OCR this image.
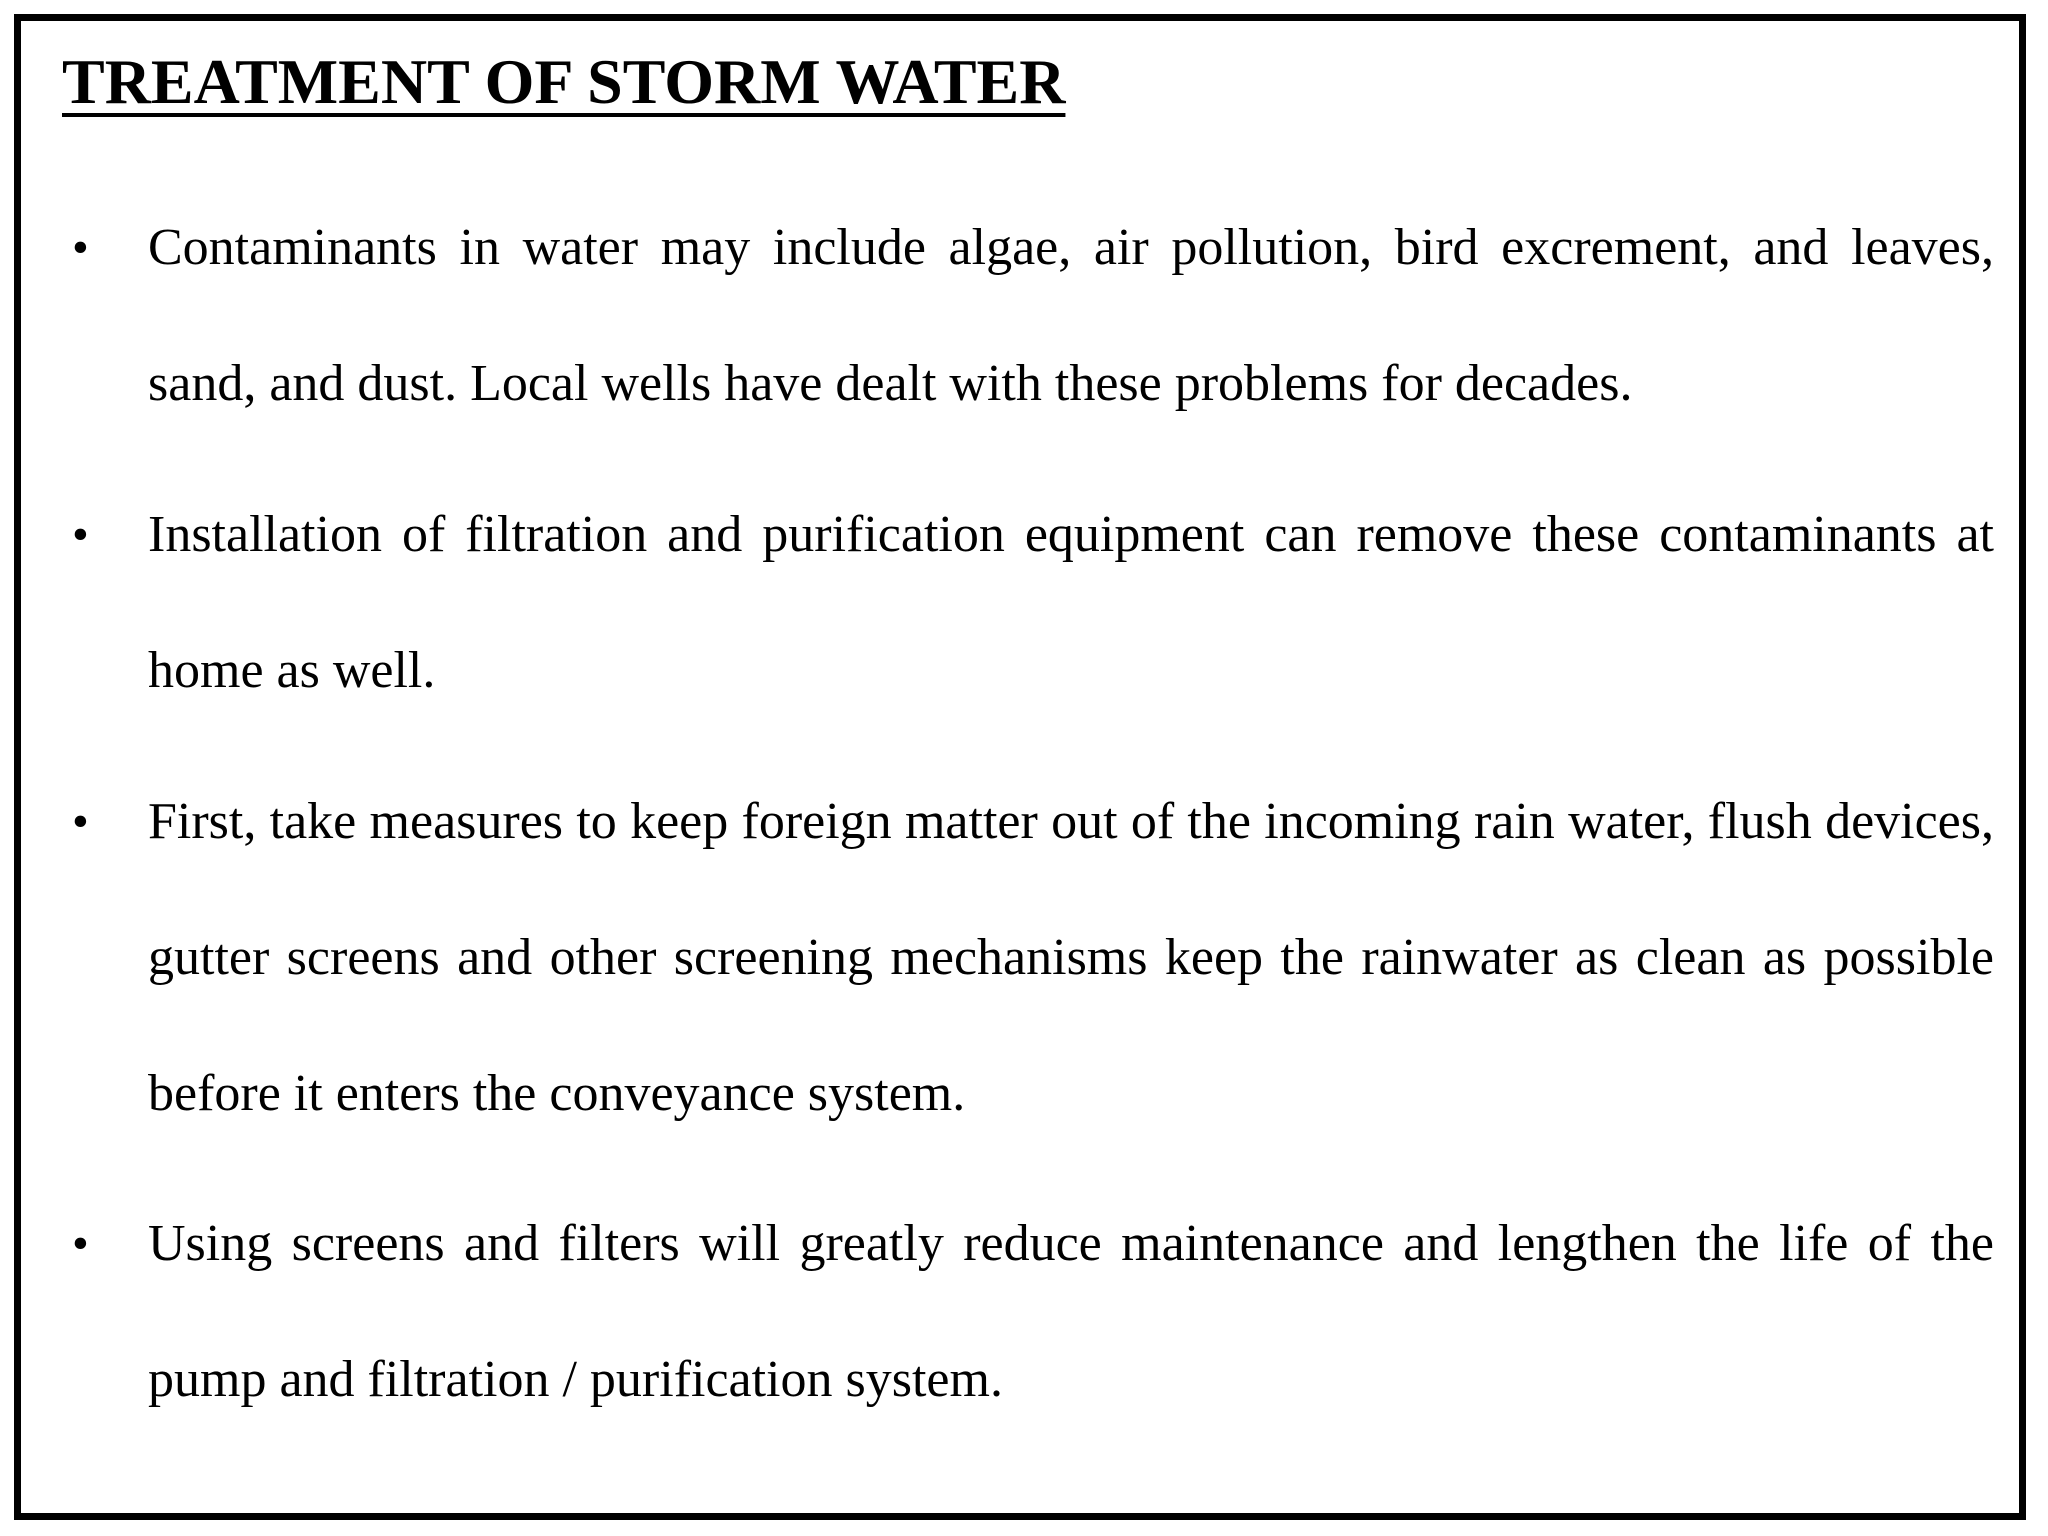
TREATMENT OF STORM WATER
• Contaminants in water may include algae, air pollution, bird excrement, and leaves, sand, and dust. Local wells have dealt with these problems for decades.

• Installation of filtration and purification equipment can remove these contaminants at home as well.

• First, take measures to keep foreign matter out of the incoming rain water, flush devices, gutter screens and other screening mechanisms keep the rainwater as clean as possible before it enters the conveyance system.

• Using screens and filters will greatly reduce maintenance and lengthen the life of the pump and filtration / purification system.
